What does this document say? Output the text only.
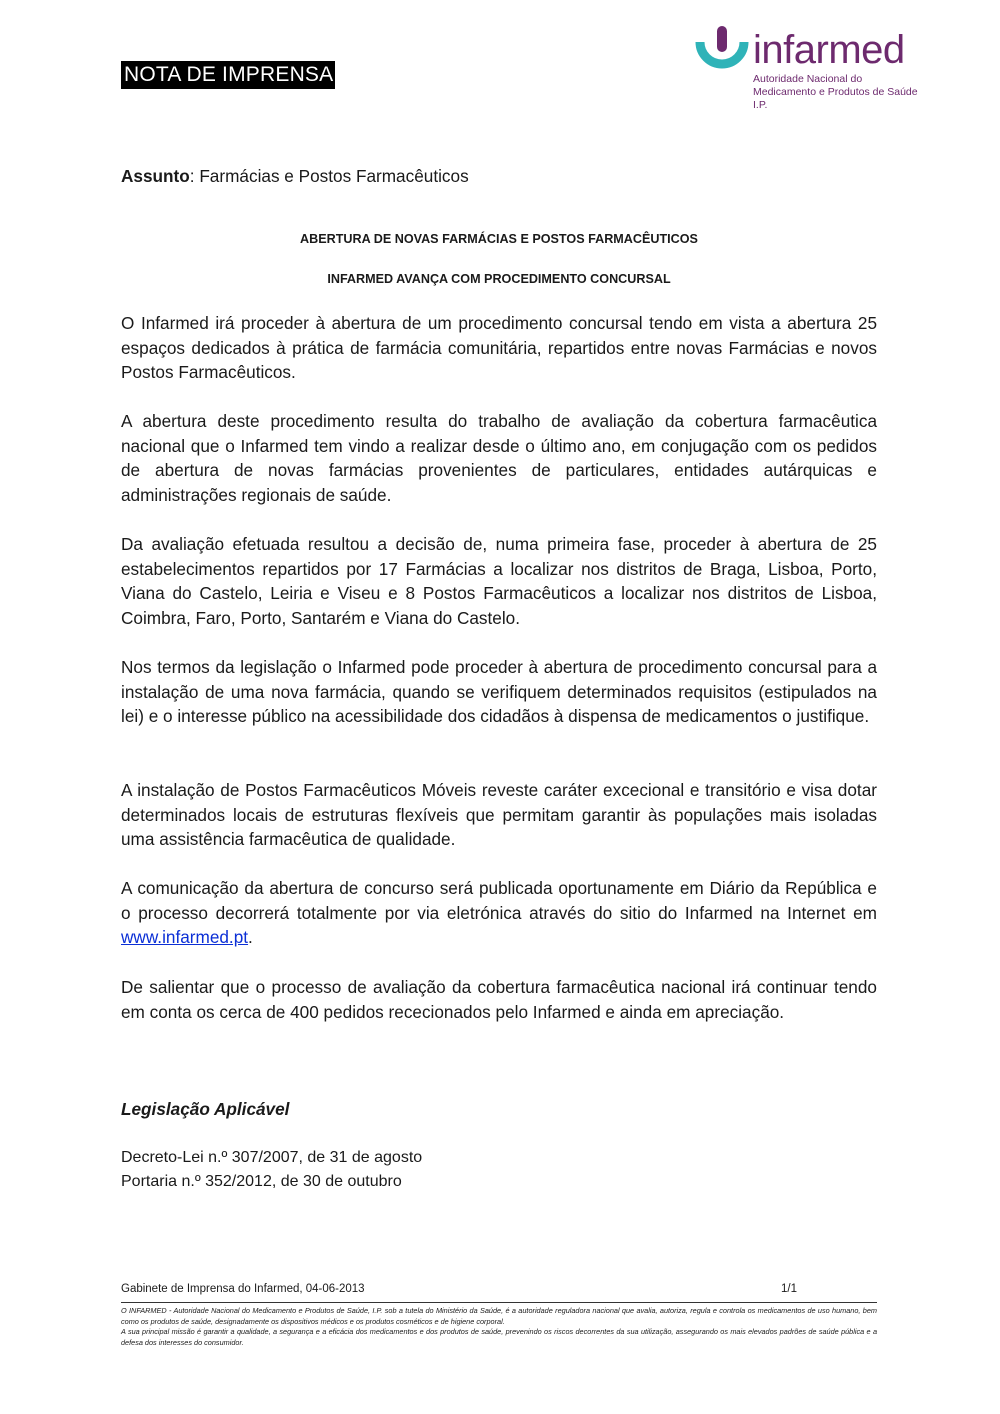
NOTA DE IMPRENSA
infarmed
Autoridade Nacional do Medicamento e Produtos de Saúde I.P.
Assunto: Farmácias e Postos Farmacêuticos
ABERTURA DE NOVAS FARMÁCIAS E POSTOS FARMACÊUTICOS
INFARMED AVANÇA COM PROCEDIMENTO CONCURSAL

O Infarmed irá proceder à abertura de um procedimento concursal tendo em vista a abertura 25 espaços dedicados à prática de farmácia comunitária, repartidos entre novas Farmácias e novos Postos Farmacêuticos.

A abertura deste procedimento resulta do trabalho de avaliação da cobertura farmacêutica nacional que o Infarmed tem vindo a realizar desde o último ano, em conjugação com os pedidos de abertura de novas farmácias provenientes de particulares, entidades autárquicas e administrações regionais de saúde.

Da avaliação efetuada resultou a decisão de, numa primeira fase, proceder à abertura de 25 estabelecimentos repartidos por 17 Farmácias a localizar nos distritos de Braga, Lisboa, Porto, Viana do Castelo, Leiria e Viseu e 8 Postos Farmacêuticos a localizar nos distritos de Lisboa, Coimbra, Faro, Porto, Santarém e Viana do Castelo.

Nos termos da legislação o Infarmed pode proceder à abertura de procedimento concursal para a instalação de uma nova farmácia, quando se verifiquem determinados requisitos (estipulados na lei) e o interesse público na acessibilidade dos cidadãos à dispensa de medicamentos o justifique.

A instalação de Postos Farmacêuticos Móveis reveste caráter excecional e transitório e visa dotar determinados locais de estruturas flexíveis que permitam garantir às populações mais isoladas uma assistência farmacêutica de qualidade.

A comunicação da abertura de concurso será publicada oportunamente em Diário da República e o processo decorrerá totalmente por via eletrónica através do sitio do Infarmed na Internet em www.infarmed.pt.

De salientar que o processo de avaliação da cobertura farmacêutica nacional irá continuar tendo em conta os cerca de 400 pedidos rececionados pelo Infarmed e ainda em apreciação.

Legislação Aplicável
Decreto-Lei n.º 307/2007, de 31 de agosto
Portaria n.º 352/2012, de 30 de outubro
Gabinete de Imprensa do Infarmed, 04-06-2013	1/1
O INFARMED - Autoridade Nacional do Medicamento e Produtos de Saúde, I.P. sob a tutela do Ministério da Saúde, é a autoridade reguladora nacional que avalia, autoriza, regula e controla os medicamentos de uso humano, bem como os produtos de saúde, designadamente os dispositivos médicos e os produtos cosméticos e de higiene corporal.
A sua principal missão é garantir a qualidade, a segurança e a eficácia dos medicamentos e dos produtos de saúde, prevenindo os riscos decorrentes da sua utilização, assegurando os mais elevados padrões de saúde pública e a defesa dos interesses do consumidor.
